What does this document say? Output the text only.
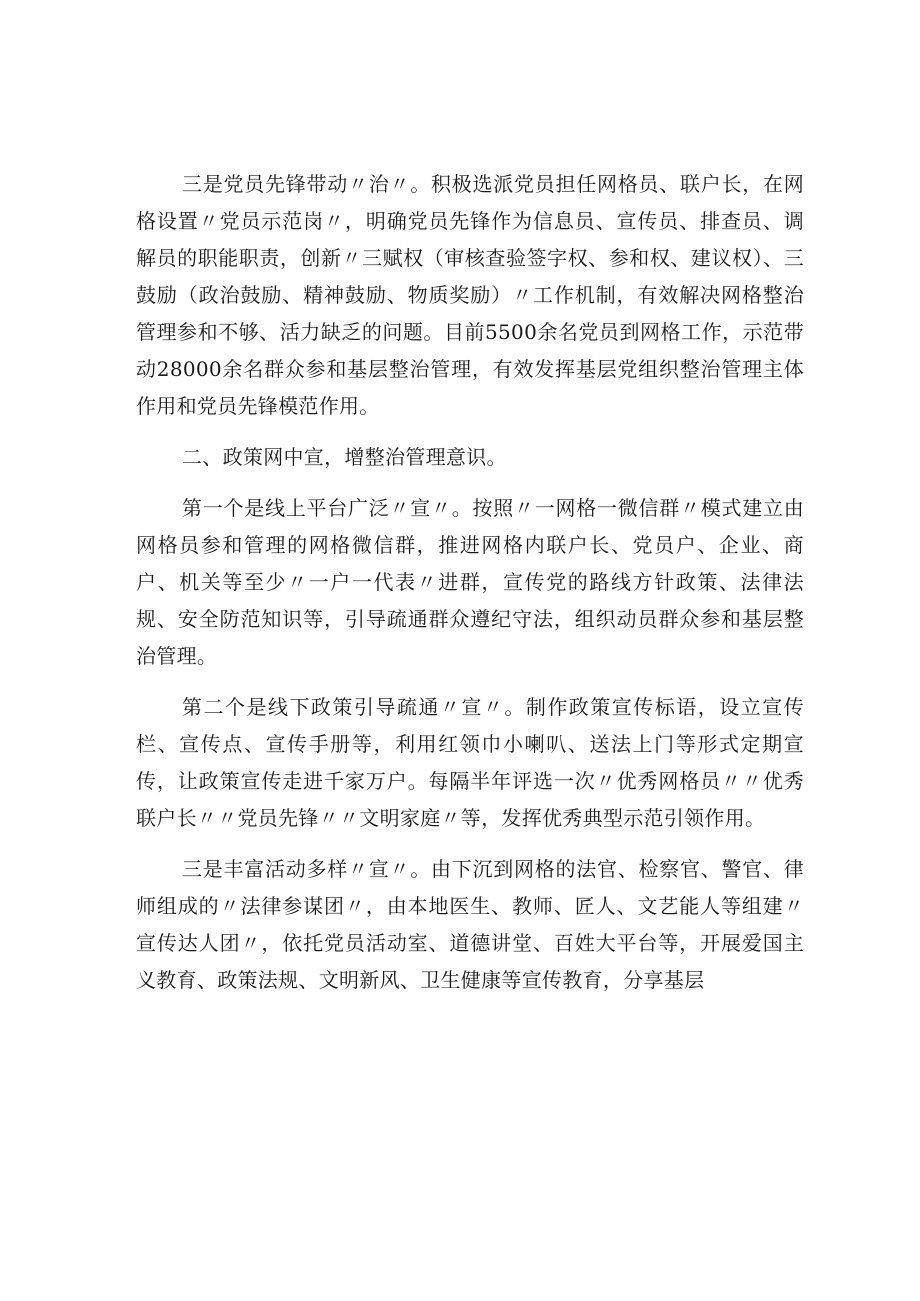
三是党员先锋带动〃治〃。积极选派党员担任网格员、联户长，在网格设置〃党员示范岗〃，明确党员先锋作为信息员、宣传员、排查员、调解员的职能职责，创新〃三赋权（审核查验签字权、参和权、建议权）、三鼓励（政治鼓励、精神鼓励、物质奖励）〃工作机制，有效解决网格整治管理参和不够、活力缺乏的问题。目前5500余名党员到网格工作，示范带动28000余名群众参和基层整治管理，有效发挥基层党组织整治管理主体作用和党员先锋模范作用。

二、政策网中宣，增整治管理意识。

第一个是线上平台广泛〃宣〃。按照〃一网格一微信群〃模式建立由网格员参和管理的网格微信群，推进网格内联户长、党员户、企业、商户、机关等至少〃一户一代表〃进群，宣传党的路线方针政策、法律法规、安全防范知识等，引导疏通群众遵纪守法，组织动员群众参和基层整治管理。

第二个是线下政策引导疏通〃宣〃。制作政策宣传标语，设立宣传栏、宣传点、宣传手册等，利用红领巾小喇叭、送法上门等形式定期宣传，让政策宣传走进千家万户。每隔半年评选一次〃优秀网格员〃〃优秀联户长〃〃党员先锋〃〃文明家庭〃等，发挥优秀典型示范引领作用。

三是丰富活动多样〃宣〃。由下沉到网格的法官、检察官、警官、律师组成的〃法律参谋团〃，由本地医生、教师、匠人、文艺能人等组建〃宣传达人团〃，依托党员活动室、道德讲堂、百姓大平台等，开展爱国主义教育、政策法规、文明新风、卫生健康等宣传教育，分享基层
